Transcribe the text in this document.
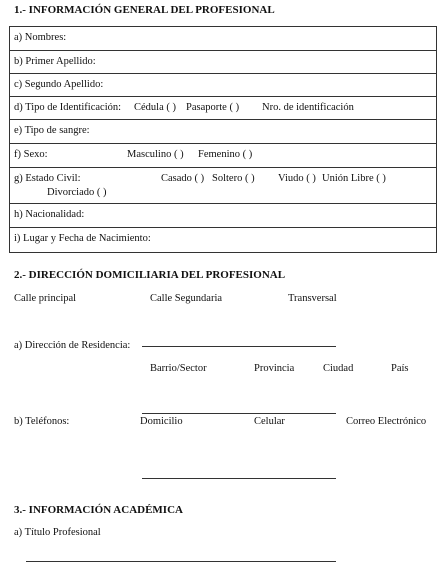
1.- INFORMACIÓN GENERAL DEL PROFESIONAL
a) Nombres:
b) Primer Apellido:
c) Segundo Apellido:
d) Tipo de Identificación: Cédula ( ) Pasaporte ( ) Nro. de identificación
e) Tipo de sangre:
f) Sexo:	Masculino ( ) Femenino ( )
g) Estado Civil:	Casado ( ) Soltero ( ) Viudo ( ) Unión Libre ( )
Divorciado ( )
h) Nacionalidad:
i) Lugar y Fecha de Nacimiento:
2.- DIRECCIÓN DOMICILIARIA DEL PROFESIONAL
Calle principal	Calle Segundaria	Transversal
a) Dirección de Residencia:
Barrio/Sector	Provincia	Ciudad	País
b) Teléfonos:	Domicilio	Celular	Correo Electrónico
3.- INFORMACIÓN ACADÉMICA
a) Título Profesional
